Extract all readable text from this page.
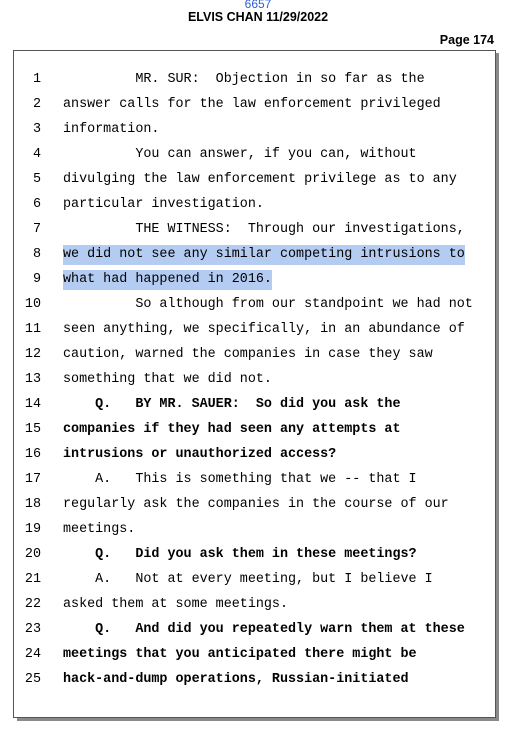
6657
ELVIS CHAN 11/29/2022
Page 174
1 MR. SUR:  Objection in so far as the
2 answer calls for the law enforcement privileged
3 information.
4 You can answer, if you can, without
5 divulging the law enforcement privilege as to any
6 particular investigation.
7 THE WITNESS:  Through our investigations,
8 we did not see any similar competing intrusions to
9 what had happened in 2016.
10 So although from our standpoint we had not
11 seen anything, we specifically, in an abundance of
12 caution, warned the companies in case they saw
13 something that we did not.
14 Q.   BY MR. SAUER:  So did you ask the
15 companies if they had seen any attempts at
16 intrusions or unauthorized access?
17 A.   This is something that we -- that I
18 regularly ask the companies in the course of our
19 meetings.
20 Q.   Did you ask them in these meetings?
21 A.   Not at every meeting, but I believe I
22 asked them at some meetings.
23 Q.   And did you repeatedly warn them at these
24 meetings that you anticipated there might be
25 hack-and-dump operations, Russian-initiated
